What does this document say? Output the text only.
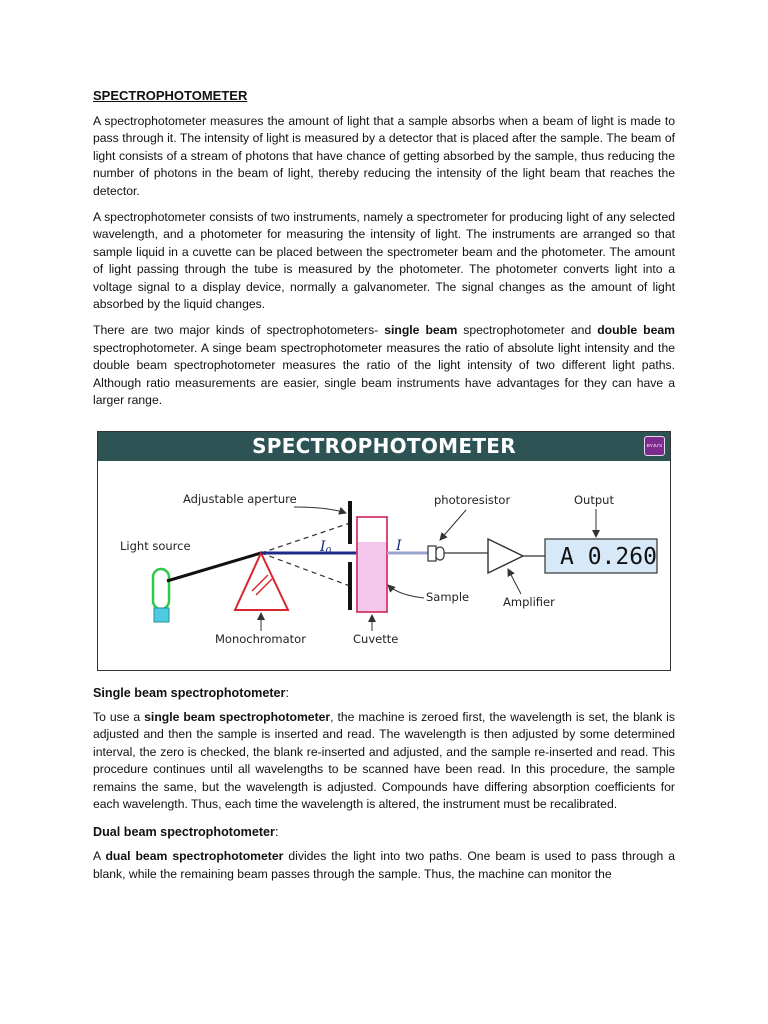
SPECTROPHOTOMETER

A spectrophotometer measures the amount of light that a sample absorbs when a beam of light is made to pass through it. The intensity of light is measured by a detector that is placed after the sample. The beam of light consists of a stream of photons that have chance of getting absorbed by the sample, thus reducing the number of photons in the beam of light, thereby reducing the intensity of the light beam that reaches the detector.

A spectrophotometer consists of two instruments, namely a spectrometer for producing light of any selected wavelength, and a photometer for measuring the intensity of light. The instruments are arranged so that sample liquid in a cuvette can be placed between the spectrometer beam and the photometer. The amount of light passing through the tube is measured by the photometer. The photometer converts light into a voltage signal to a display device, normally a galvanometer. The signal changes as the amount of light absorbed by the liquid changes.

There are two major kinds of spectrophotometers- single beam spectrophotometer and double beam spectrophotometer. A singe beam spectrophotometer measures the ratio of absolute light intensity and the double beam spectrophotometer measures the ratio of the light intensity of two different light paths. Although ratio measurements are easier, single beam instruments have advantages for they can have a larger range.

SPECTROPHOTOMETER	BYJU'S
A 0.260
Adjustable aperture	photoresistor	Output
Light source	$I_0$	I
Sample	Amplifier
Monochromator	Cuvette
Single beam spectrophotometer:

To use a single beam spectrophotometer, the machine is zeroed first, the wavelength is set, the blank is adjusted and then the sample is inserted and read. The wavelength is then adjusted by some determined interval, the zero is checked, the blank re-inserted and adjusted, and the sample re-inserted and read. This procedure continues until all wavelengths to be scanned have been read. In this procedure, the sample remains the same, but the wavelength is adjusted. Compounds have differing absorption coefficients for each wavelength. Thus, each time the wavelength is altered, the instrument must be recalibrated.

Dual beam spectrophotometer:

A dual beam spectrophotometer divides the light into two paths. One beam is used to pass through a blank, while the remaining beam passes through the sample. Thus, the machine can monitor the
